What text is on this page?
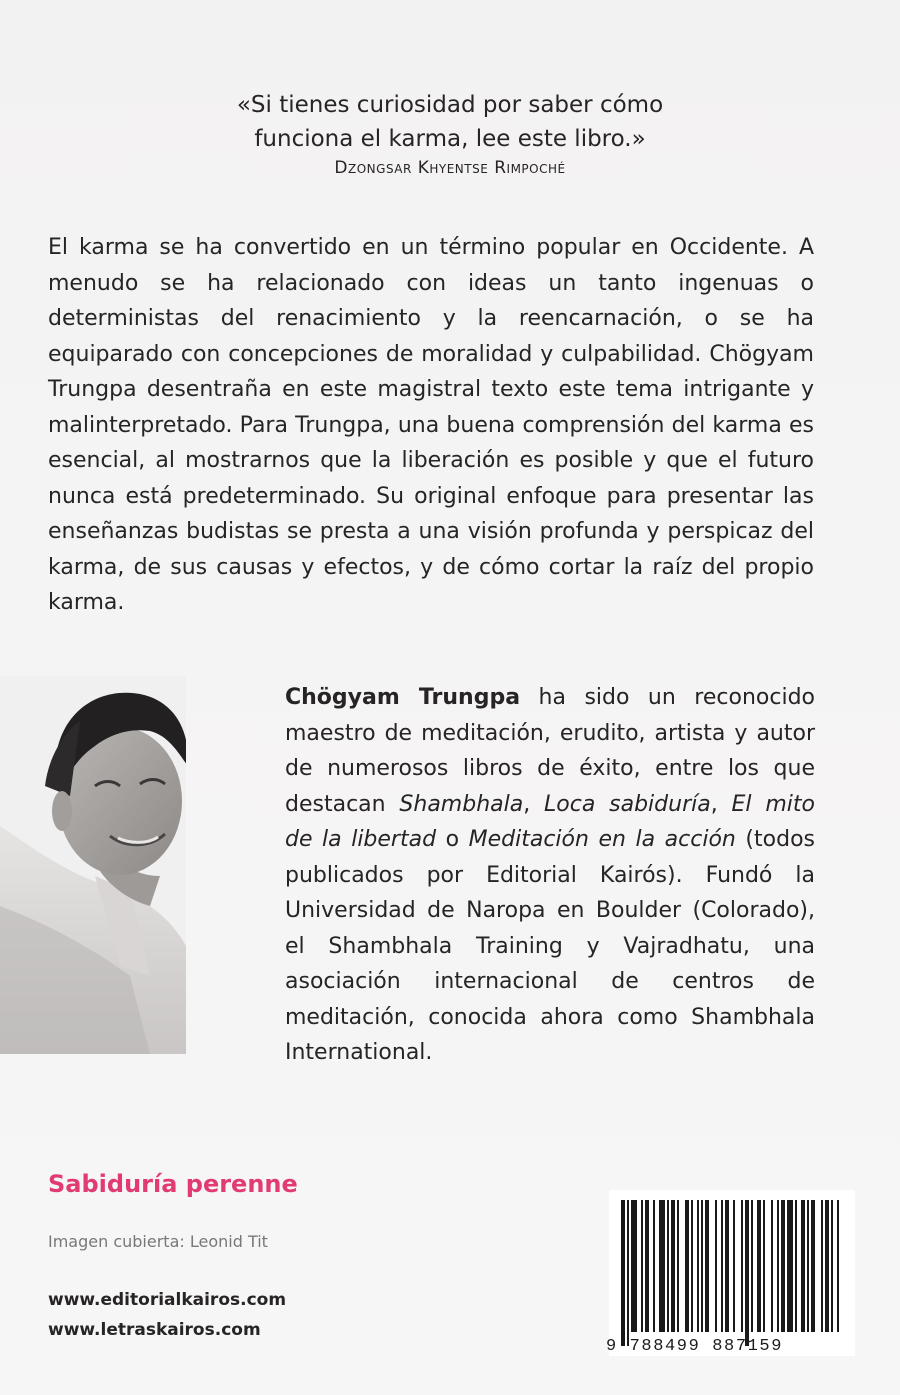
«Si tienes curiosidad por saber cómo
funciona el karma, lee este libro.»
Dzongsar Khyentse Rimpoché

El karma se ha convertido en un término popular en Occidente. A menudo se ha relacionado con ideas un tanto ingenuas o deterministas del renacimiento y la reencarnación, o se ha equiparado con concepciones de moralidad y culpabilidad. Chögyam Trungpa desentraña en este magistral texto este tema intrigante y malinterpretado. Para Trungpa, una buena comprensión del karma es esencial, al mostrarnos que la liberación es posible y que el futuro nunca está predeterminado. Su original enfoque para presentar las enseñanzas budistas se presta a una visión profunda y perspicaz del karma, de sus causas y efectos, y de cómo cortar la raíz del propio karma.

Chögyam Trungpa ha sido un reconocido maestro de meditación, erudito, artista y autor de numerosos libros de éxito, entre los que destacan Shambhala, Loca sabiduría, El mito de la libertad o Meditación en la acción (todos publicados por Editorial Kairós). Fundó la Universidad de Naropa en Boulder (Colorado), el Shambhala Training y Vajradhatu, una asociación internacional de centros de meditación, conocida ahora como Shambhala International.

Sabiduría perenne
Imagen cubierta: Leonid Tit
www.editorialkairos.com
www.letraskairos.com
9 788499 887159
